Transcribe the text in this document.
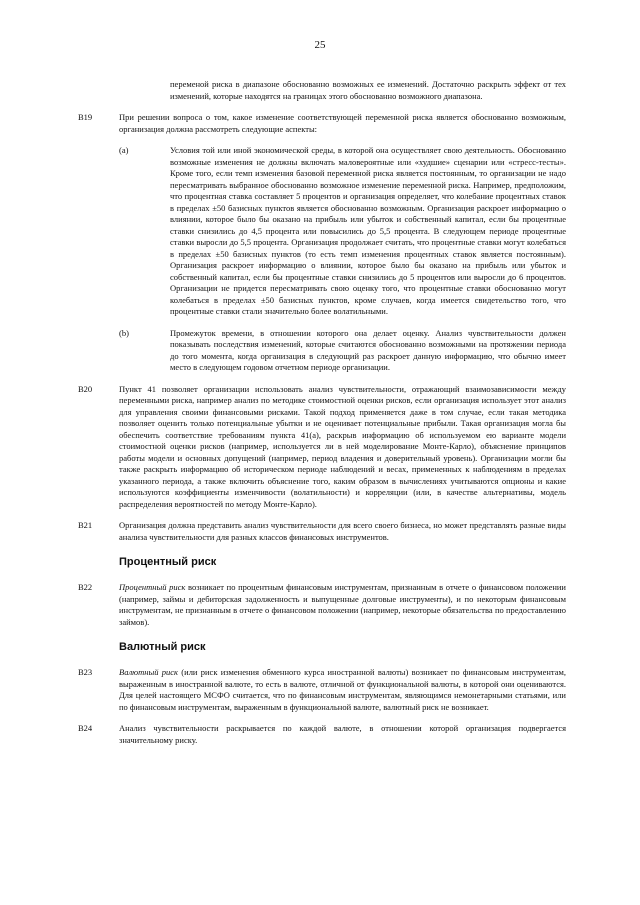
25
переменой риска в диапазоне обоснованно возможных ее изменений. Достаточно раскрыть эффект от тех изменений, которые находятся на границах этого обоснованно возможного диапазона.
B19	При решении вопроса о том, какое изменение соответствующей переменной риска является обоснованно возможным, организация должна рассмотреть следующие аспекты:
(a)	Условия той или иной экономической среды, в которой она осуществляет свою деятельность. Обоснованно возможные изменения не должны включать маловероятные или «худшие» сценарии или «стресс-тесты». Кроме того, если темп изменения базовой переменной риска является постоянным, то организации не надо пересматривать выбранное обоснованно возможное изменение переменной риска. Например, предположим, что процентная ставка составляет 5 процентов и организация определяет, что колебание процентных ставок в пределах ±50 базисных пунктов является обоснованно возможным. Организация раскроет информацию о влиянии, которое было бы оказано на прибыль или убыток и собственный капитал, если бы процентные ставки снизились до 4,5 процента или повысились до 5,5 процента. В следующем периоде процентные ставки выросли до 5,5 процента. Организация продолжает считать, что процентные ставки могут колебаться в пределах ±50 базисных пунктов (то есть темп изменения процентных ставок является постоянным). Организация раскроет информацию о влиянии, которое было бы оказано на прибыль или убыток и собственный капитал, если бы процентные ставки снизились до 5 процентов или выросли до 6 процентов. Организации не придется пересматривать свою оценку того, что процентные ставки обоснованно могут колебаться в пределах ±50 базисных пунктов, кроме случаев, когда имеется свидетельство того, что процентные ставки стали значительно более волатильными.
(b)	Промежуток времени, в отношении которого она делает оценку. Анализ чувствительности должен показывать последствия изменений, которые считаются обоснованно возможными на протяжении периода до того момента, когда организация в следующий раз раскроет данную информацию, что обычно имеет место в следующем годовом отчетном периоде организации.
B20	Пункт 41 позволяет организации использовать анализ чувствительности, отражающий взаимозависимости между переменными риска, например анализ по методике стоимостной оценки рисков, если организация использует этот анализ для управления своими финансовыми рисками. Такой подход применяется даже в том случае, если такая методика позволяет оценить только потенциальные убытки и не оценивает потенциальные прибыли. Такая организация могла бы обеспечить соответствие требованиям пункта 41(a), раскрыв информацию об используемом ею варианте модели стоимостной оценки рисков (например, используется ли в ней моделирование Монте-Карло), объяснение принципов работы модели и основных допущений (например, период владения и доверительный уровень). Организации могли бы также раскрыть информацию об историческом периоде наблюдений и весах, примененных к наблюдениям в пределах указанного периода, а также включить объяснение того, каким образом в вычислениях учитываются опционы и какие используются коэффициенты изменчивости (волатильности) и корреляции (или, в качестве альтернативы, модель распределения вероятностей по методу Монте-Карло).
B21	Организация должна представить анализ чувствительности для всего своего бизнеса, но может представлять разные виды анализа чувствительности для разных классов финансовых инструментов.
Процентный риск
B22	Процентный риск возникает по процентным финансовым инструментам, признанным в отчете о финансовом положении (например, займы и дебиторская задолженность и выпущенные долговые инструменты), и по некоторым финансовым инструментам, не признанным в отчете о финансовом положении (например, некоторые обязательства по предоставлению займов).
Валютный риск
B23	Валютный риск (или риск изменения обменного курса иностранной валюты) возникает по финансовым инструментам, выраженным в иностранной валюте, то есть в валюте, отличной от функциональной валюты, в которой они оцениваются. Для целей настоящего МСФО считается, что по финансовым инструментам, являющимся немонетарными статьями, или по финансовым инструментам, выраженным в функциональной валюте, валютный риск не возникает.
B24	Анализ чувствительности раскрывается по каждой валюте, в отношении которой организация подвергается значительному риску.
